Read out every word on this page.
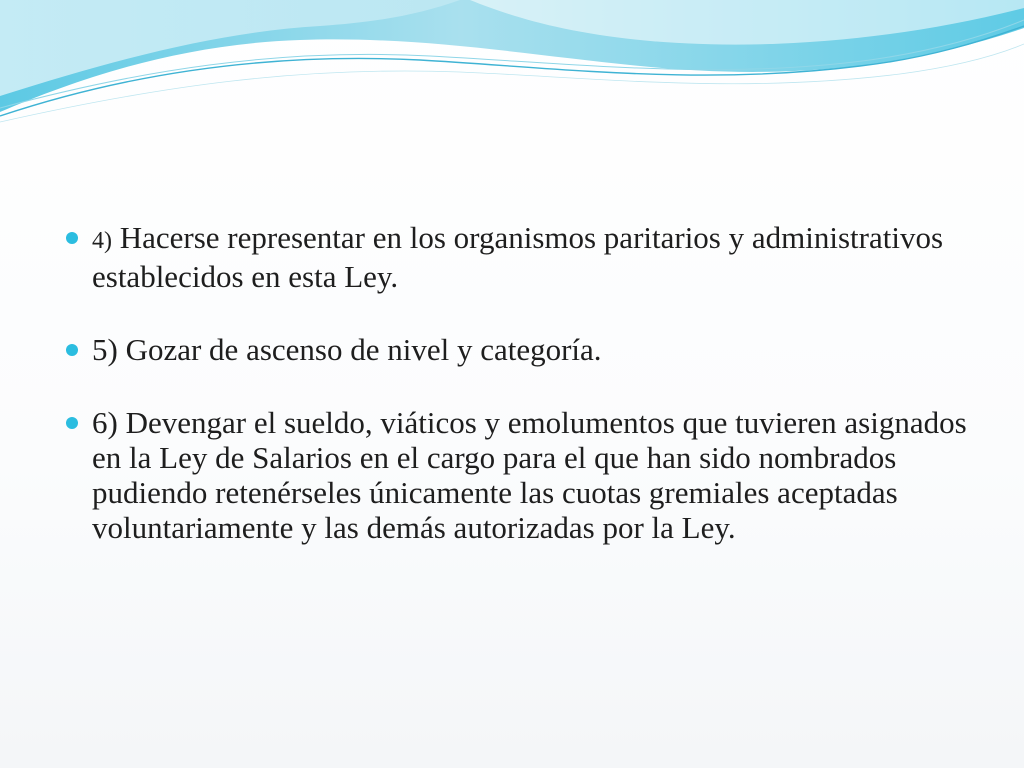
4) Hacerse representar en los organismos paritarios y administrativos establecidos en esta Ley.
5) Gozar de ascenso de nivel y categoría.
6) Devengar el sueldo, viáticos y emolumentos que tuvieren asignados en la Ley de Salarios en el cargo para el que han sido nombrados pudiendo retenérseles únicamente las cuotas gremiales aceptadas voluntariamente y las demás autorizadas por la Ley.
